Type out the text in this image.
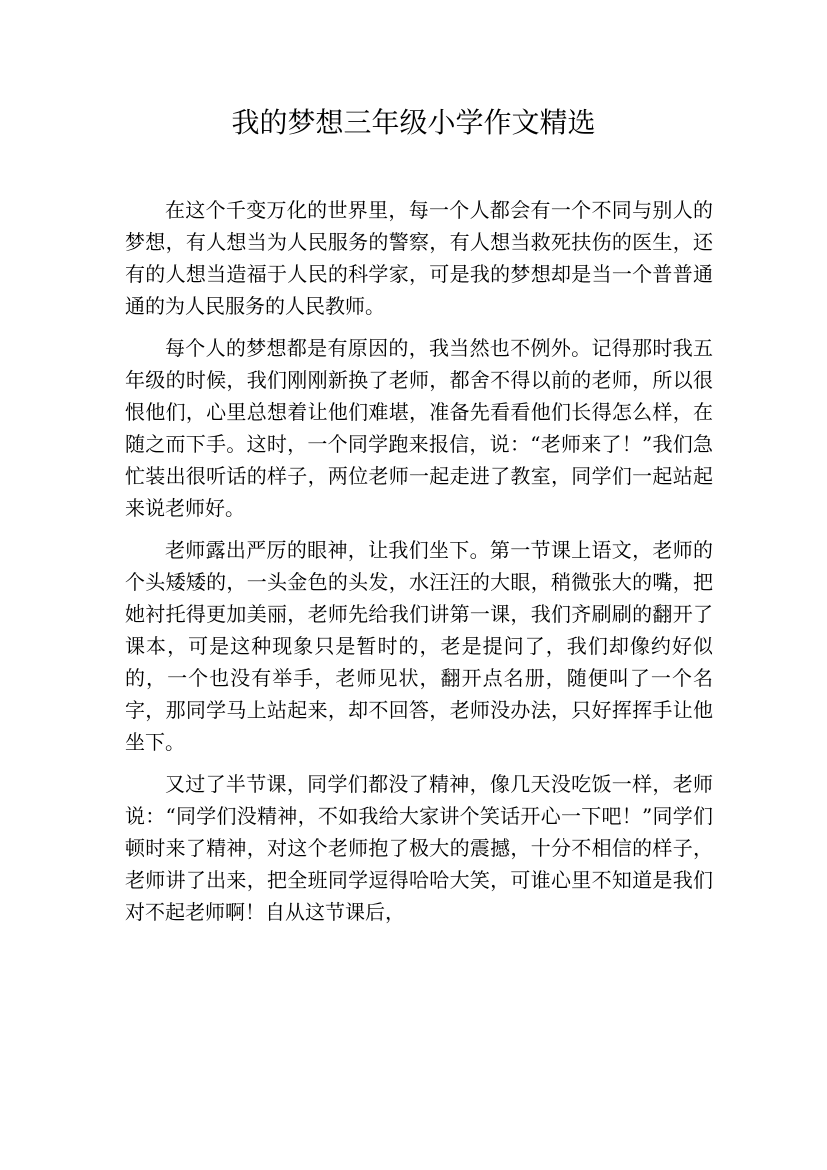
我的梦想三年级小学作文精选

在这个千变万化的世界里，每一个人都会有一个不同与别人的梦想，有人想当为人民服务的警察，有人想当救死扶伤的医生，还有的人想当造福于人民的科学家，可是我的梦想却是当一个普普通通的为人民服务的人民教师。

每个人的梦想都是有原因的，我当然也不例外。记得那时我五年级的时候，我们刚刚新换了老师，都舍不得以前的老师，所以很恨他们，心里总想着让他们难堪，准备先看看他们长得怎么样，在随之而下手。这时，一个同学跑来报信，说：“老师来了！”我们急忙装出很听话的样子，两位老师一起走进了教室，同学们一起站起来说老师好。

老师露出严厉的眼神，让我们坐下。第一节课上语文，老师的个头矮矮的，一头金色的头发，水汪汪的大眼，稍微张大的嘴，把她衬托得更加美丽，老师先给我们讲第一课，我们齐刷刷的翻开了课本，可是这种现象只是暂时的，老是提问了，我们却像约好似的，一个也没有举手，老师见状，翻开点名册，随便叫了一个名字，那同学马上站起来，却不回答，老师没办法，只好挥挥手让他坐下。

又过了半节课，同学们都没了精神，像几天没吃饭一样，老师说：“同学们没精神，不如我给大家讲个笑话开心一下吧！”同学们顿时来了精神，对这个老师抱了极大的震撼，十分不相信的样子，老师讲了出来，把全班同学逗得哈哈大笑，可谁心里不知道是我们对不起老师啊！自从这节课后，
